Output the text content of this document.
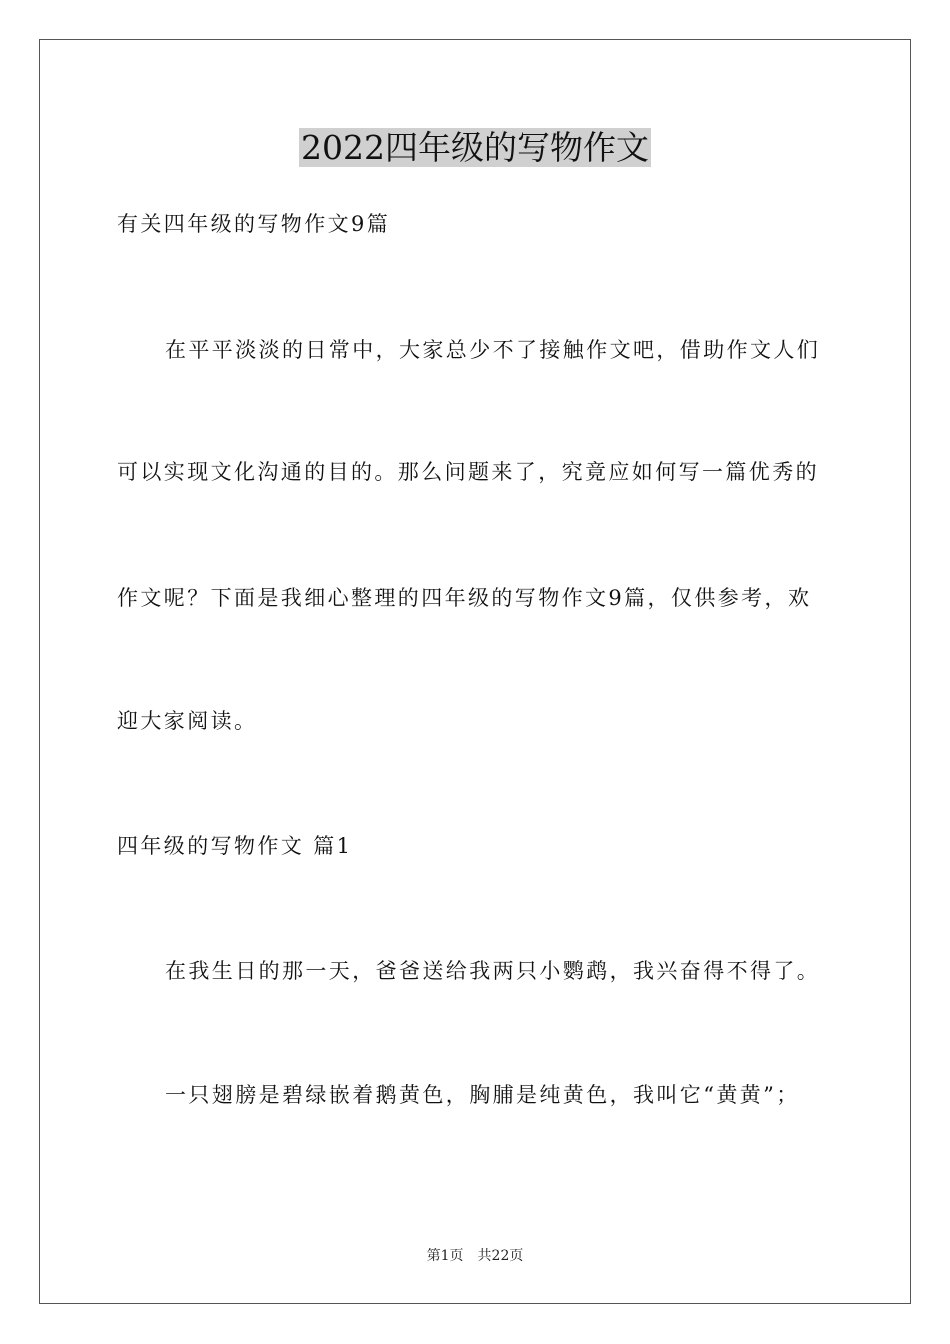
2022四年级的写物作文
有关四年级的写物作文9篇
在平平淡淡的日常中，大家总少不了接触作文吧，借助作文人们
可以实现文化沟通的目的。那么问题来了，究竟应如何写一篇优秀的
作文呢？下面是我细心整理的四年级的写物作文9篇，仅供参考，欢
迎大家阅读。
四年级的写物作文 篇1
在我生日的那一天，爸爸送给我两只小鹦鹉，我兴奋得不得了。
一只翅膀是碧绿嵌着鹅黄色，胸脯是纯黄色，我叫它“黄黄”；
第1页　共22页
